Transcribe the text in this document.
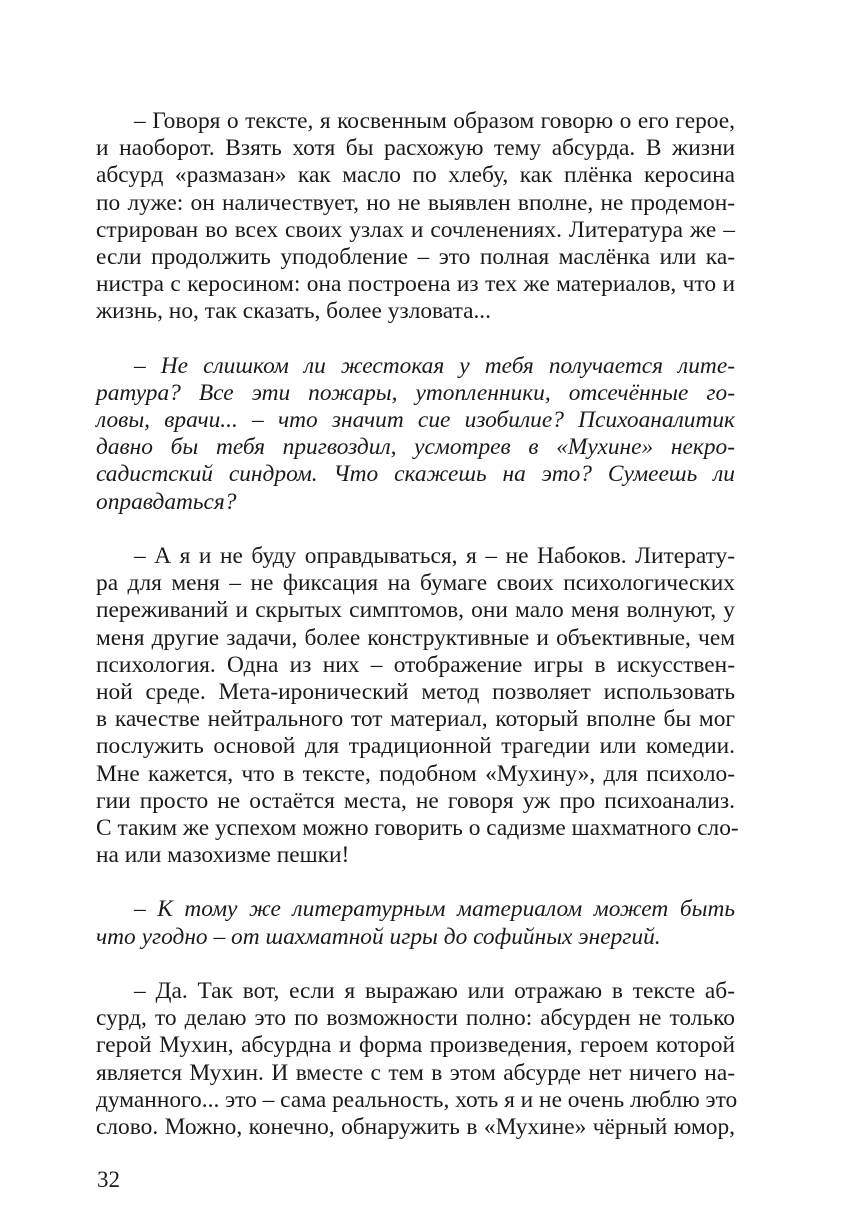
– Говоря о тексте, я косвенным образом говорю о его герое,
и наоборот. Взять хотя бы расхожую тему абсурда. В жизни
абсурд «размазан» как масло по хлебу, как плёнка керосина
по луже: он наличествует, но не выявлен вполне, не продемон-
стрирован во всех своих узлах и сочленениях. Литература же –
если продолжить уподобление – это полная маслёнка или ка-
нистра с керосином: она построена из тех же материалов, что и
жизнь, но, так сказать, более узловата...
– Не слишком ли жестокая у тебя получается лите-
ратура? Все эти пожары, утопленники, отсечённые го-
ловы, врачи... – что значит сие изобилие? Психоаналитик
давно бы тебя пригвоздил, усмотрев в «Мухине» некро-
садистский синдром. Что скажешь на это? Сумеешь ли
оправдаться?
– А я и не буду оправдываться, я – не Набоков. Литерату-
ра для меня – не фиксация на бумаге своих психологических
переживаний и скрытых симптомов, они мало меня волнуют, у
меня другие задачи, более конструктивные и объективные, чем
психология. Одна из них – отображение игры в искусствен-
ной среде. Мета-иронический метод позволяет использовать
в качестве нейтрального тот материал, который вполне бы мог
послужить основой для традиционной трагедии или комедии.
Мне кажется, что в тексте, подобном «Мухину», для психоло-
гии просто не остаётся места, не говоря уж про психоанализ.
С таким же успехом можно говорить о садизме шахматного сло-
на или мазохизме пешки!
– К тому же литературным материалом может быть
что угодно – от шахматной игры до софийных энергий.
– Да. Так вот, если я выражаю или отражаю в тексте аб-
сурд, то делаю это по возможности полно: абсурден не только
герой Мухин, абсурдна и форма произведения, героем которой
является Мухин. И вместе с тем в этом абсурде нет ничего на-
думанного... это – сама реальность, хоть я и не очень люблю это
слово. Можно, конечно, обнаружить в «Мухине» чёрный юмор,
32
